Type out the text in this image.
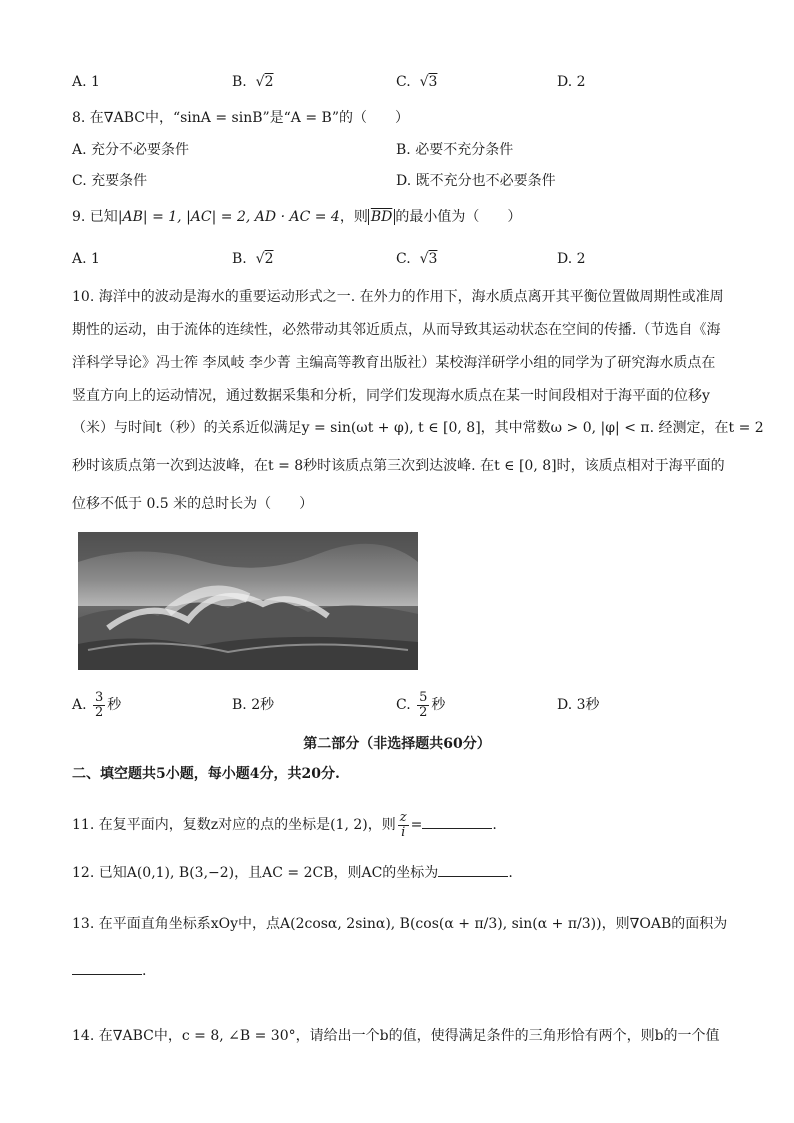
A. 1	B.  √2	C.  √3	D. 2
8. 在∇ABC中，“sinA = sinB”是“A = B”的（　　）
A. 充分不必要条件	B. 必要不充分条件
C. 充要条件	D. 既不充分也不必要条件
9. 已知|AB| = 1, |AC| = 2, AD · AC = 4，则 $\overline{BD}$ 的最小值为（　　）
A. 1	B.  √2	C.  √3	D. 2
10. 海洋中的波动是海水的重要运动形式之一. 在外力的作用下，海水质点离开其平衡位置做周期性或准周
期性的运动，由于流体的连续性，必然带动其邻近质点，从而导致其运动状态在空间的传播.（节选自《海
洋科学导论》冯士筰 李凤岐 李少菁 主编高等教育出版社）某校海洋研学小组的同学为了研究海水质点在
竖直方向上的运动情况，通过数据采集和分析，同学们发现海水质点在某一时间段相对于海平面的位移y
（米）与时间t（秒）的关系近似满足y = sin(ωt + φ), t ∈ [0, 8]，其中常数ω > 0, |φ| < π. 经测定，在t = 2
秒时该质点第一次到达波峰，在t = 8秒时该质点第三次到达波峰. 在t ∈ [0, 8]时，该质点相对于海平面的
位移不低于 0.5 米的总时长为（　　）
A. $\frac{3}{2}$ 秒	B. 2秒	C. $\frac{5}{2}$ 秒	D. 3秒
第二部分（非选择题共60分）
二、填空题共5小题，每小题4分，共20分.
11. 在复平面内，复数z对应的点的坐标是(1, 2)，则 $\frac{z}{i}$ =	.
12. 已知A(0,1), B(3,−2)，且AC = 2CB，则AC的坐标为	.
13. 在平面直角坐标系xOy中，点A(2cosα, 2sinα), B(cos(α + π/3), sin(α + π/3))，则∇OAB的面积为
.
14. 在∇ABC中，c = 8, ∠B = 30°，请给出一个b的值，使得满足条件的三角形恰有两个，则b的一个值
